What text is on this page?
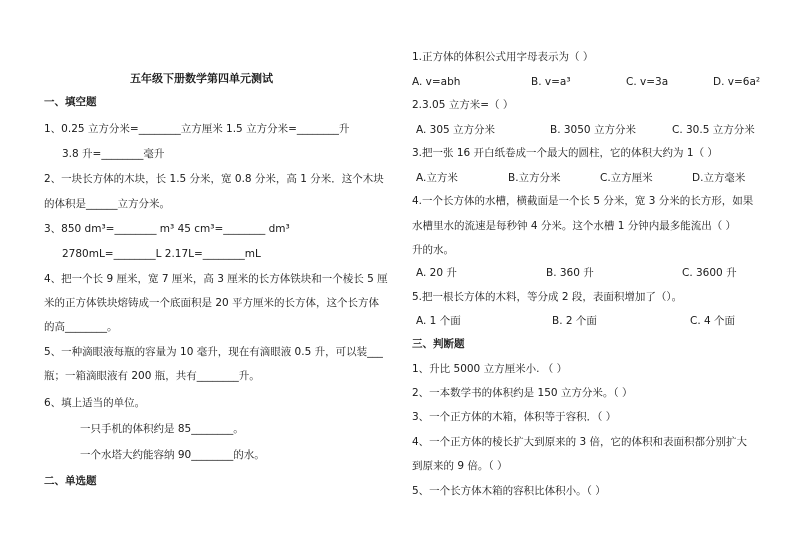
五年级下册数学第四单元测试
一、填空题
1、0.25 立方分米=________立方厘米 1.5 立方分米=________升
3.8 升=________毫升
2、一块长方体的木块，长 1.5 分米，宽 0.8 分米，高 1 分米．这个木块
的体积是______立方分米。
3、850 dm³=________ m³ 45 cm³=________ dm³
2780mL=________L 2.17L=________mL
4、把一个长 9 厘米，宽 7 厘米，高 3 厘米的长方体铁块和一个棱长 5 厘
米的正方体铁块熔铸成一个底面积是 20 平方厘米的长方体，这个长方体
的高________。
5、一种滴眼液每瓶的容量为 10 毫升，现在有滴眼液 0.5 升，可以装___
瓶；一箱滴眼液有 200 瓶，共有________升。
6、填上适当的单位。
一只手机的体积约是 85________。
一个水塔大约能容纳 90________的水。
二、单选题
1.正方体的体积公式用字母表示为（ ）
A. v=abh	B. v=a³	C. v=3a	D. v=6a²
2.3.05 立方米=（ ）
A. 305 立方分米	B. 3050 立方分米	C. 30.5 立方分米
3.把一张 16 开白纸卷成一个最大的圆柱，它的体积大约为 1（ ）
A.立方米	B.立方分米	C.立方厘米	D.立方毫米
4.一个长方体的水槽，横截面是一个长 5 分米，宽 3 分米的长方形，如果
水槽里水的流速是每秒钟 4 分米。这个水槽 1 分钟内最多能流出（ ）
升的水。
A. 20 升	B. 360 升	C. 3600 升
5.把一根长方体的木料，等分成 2 段，表面积增加了（）。
A. 1 个面	B. 2 个面	C. 4 个面
三、判断题
1、升比 5000 立方厘米小. （ ）
2、一本数学书的体积约是 150 立方分米。（ ）
3、一个正方体的木箱，体积等于容积．（ ）
4、一个正方体的棱长扩大到原来的 3 倍，它的体积和表面积都分别扩大
到原来的 9 倍。（ ）
5、一个长方体木箱的容积比体积小。（ ）
